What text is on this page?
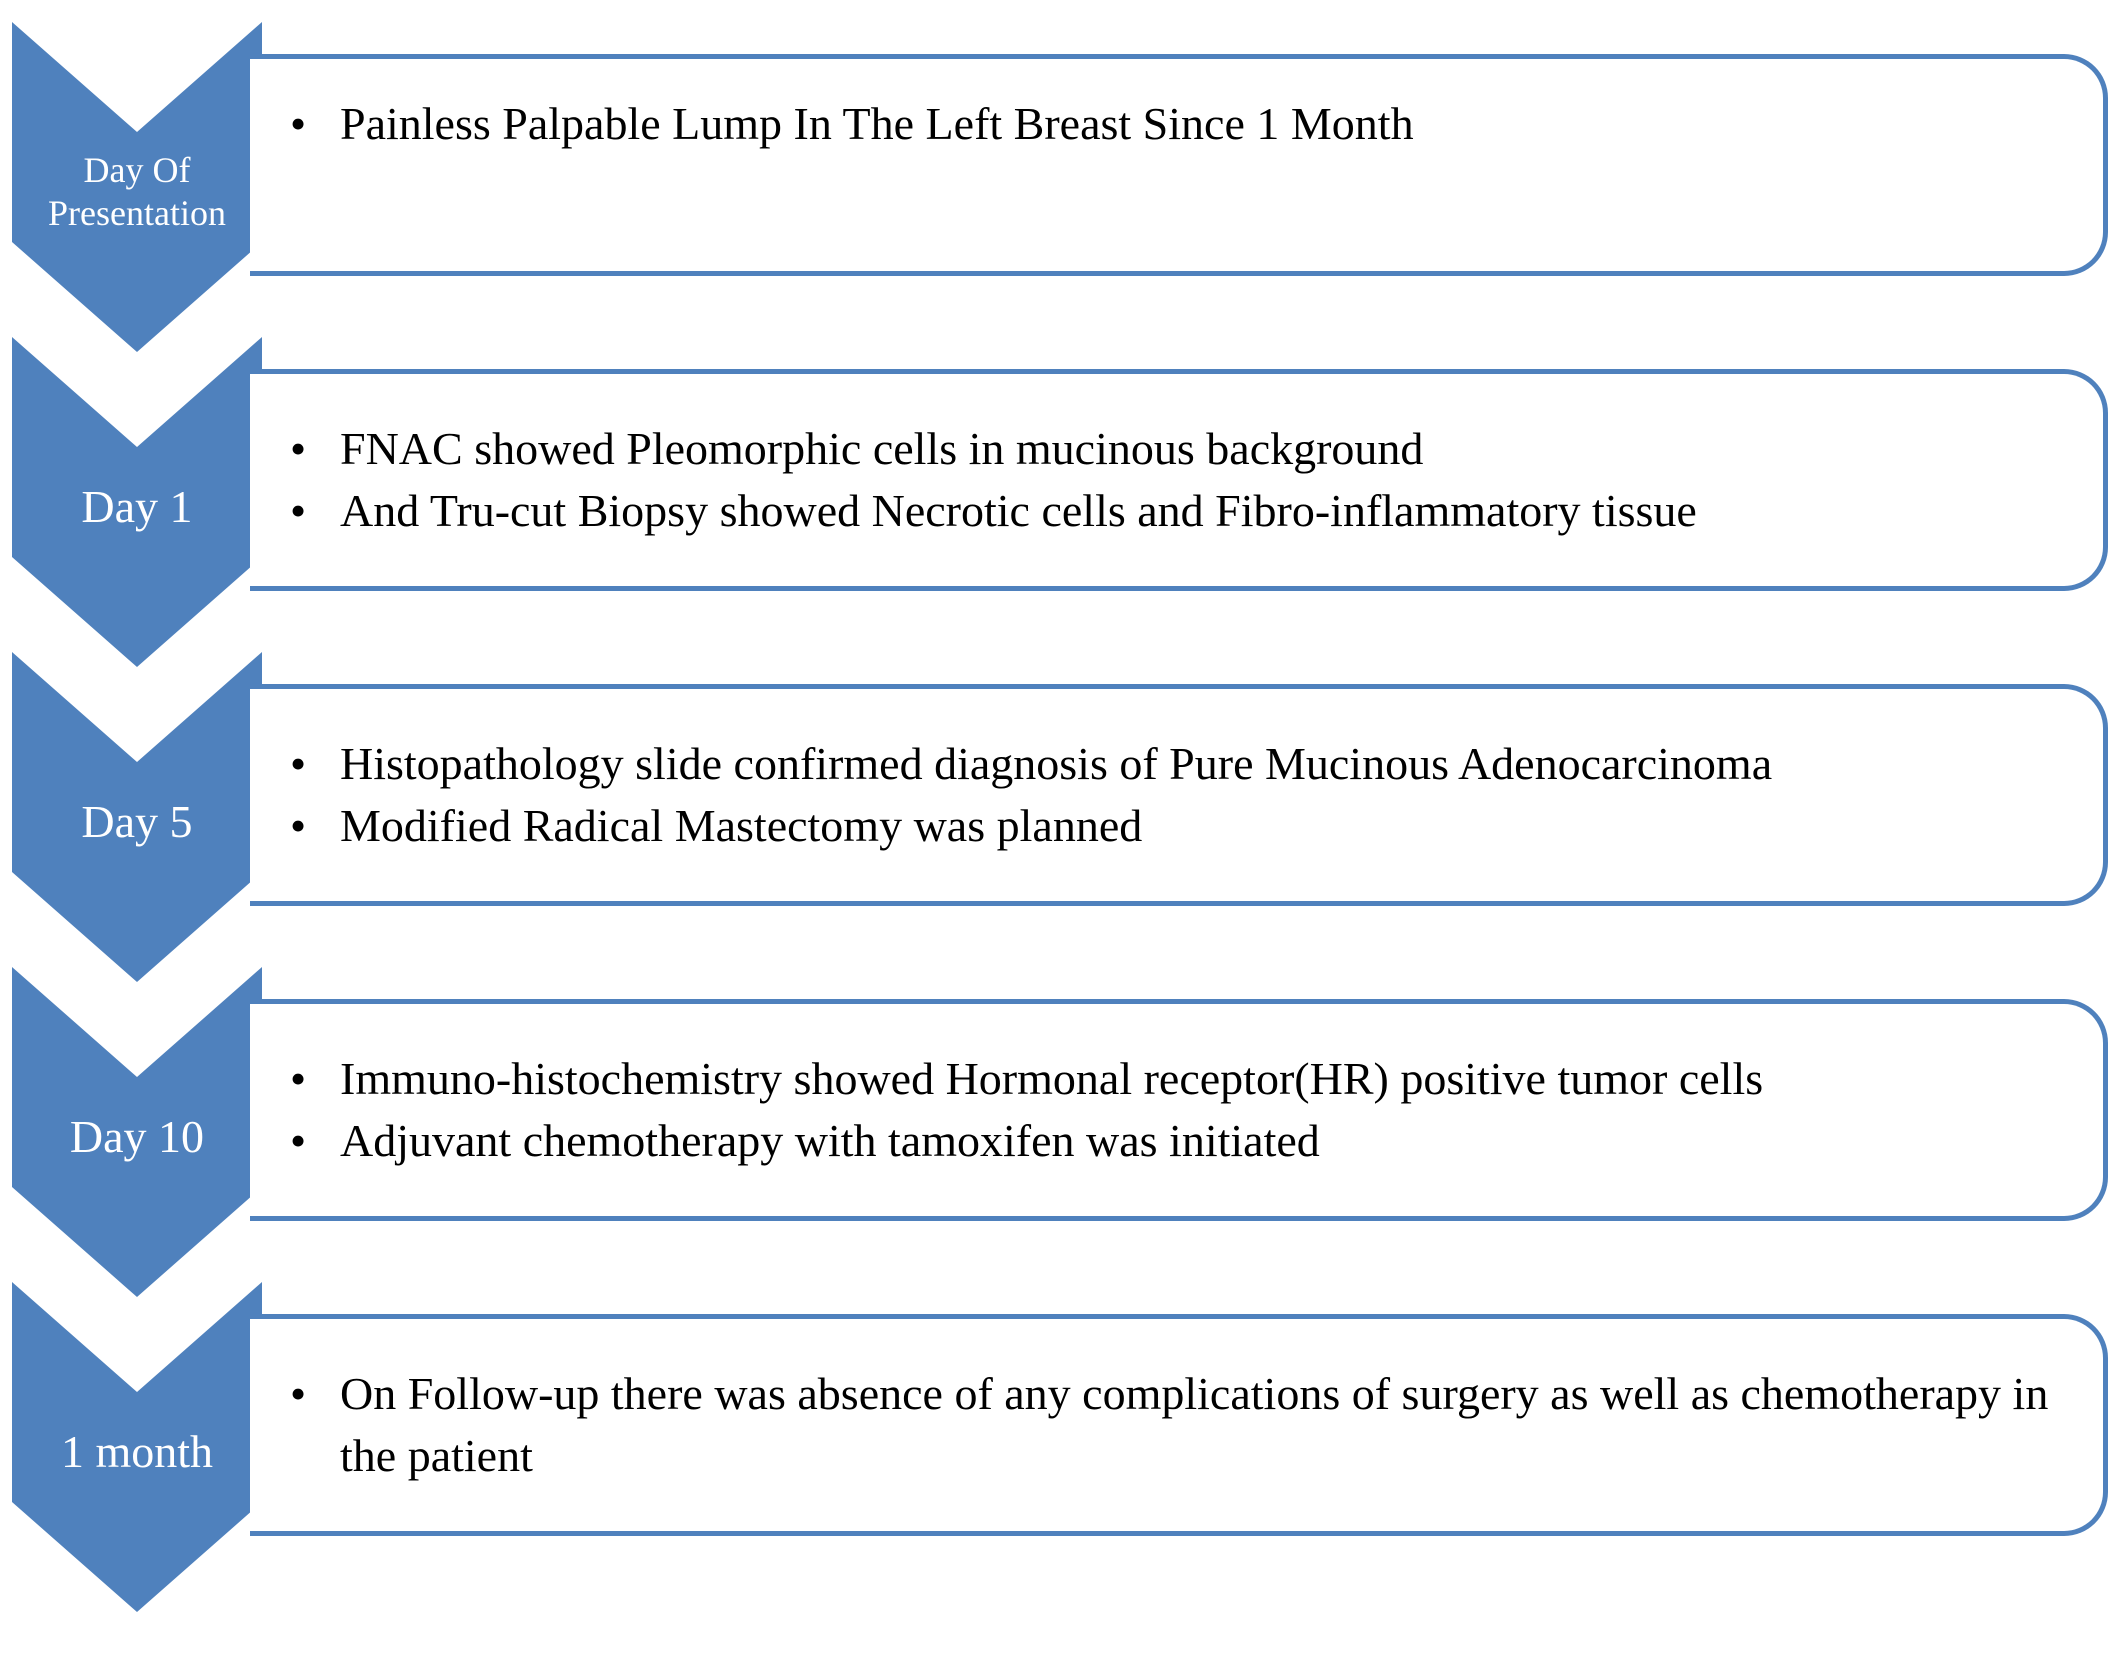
Day Of Presentation
• Painless Palpable Lump In The Left Breast Since 1 Month
Day 1
• FNAC showed Pleomorphic cells in mucinous background
• And Tru-cut Biopsy showed Necrotic cells and Fibro-inflammatory tissue
Day 5
• Histopathology slide confirmed diagnosis of Pure Mucinous Adenocarcinoma
• Modified Radical Mastectomy was planned
Day 10
• Immuno-histochemistry showed Hormonal receptor(HR) positive tumor cells
• Adjuvant chemotherapy with tamoxifen was initiated
1 month
• On Follow-up there was absence of any complications of surgery as well as chemotherapy in the patient
